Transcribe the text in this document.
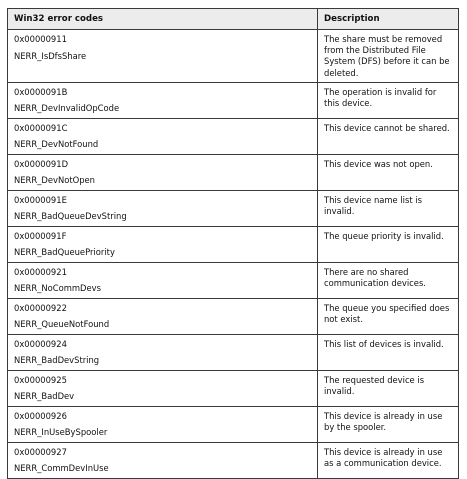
Win32 error codes	Description

0x00000911
NERR_IsDfsShare	The share must be removed from the Distributed File System (DFS) before it can be deleted.

0x0000091B
NERR_DevInvalidOpCode	The operation is invalid for this device.

0x0000091C
NERR_DevNotFound	This device cannot be shared.

0x0000091D
NERR_DevNotOpen	This device was not open.

0x0000091E
NERR_BadQueueDevString	This device name list is invalid.

0x0000091F
NERR_BadQueuePriority	The queue priority is invalid.

0x00000921
NERR_NoCommDevs	There are no shared communication devices.

0x00000922
NERR_QueueNotFound	The queue you specified does not exist.

0x00000924
NERR_BadDevString	This list of devices is invalid.

0x00000925
NERR_BadDev	The requested device is invalid.

0x00000926
NERR_InUseBySpooler	This device is already in use by the spooler.

0x00000927
NERR_CommDevInUse	This device is already in use as a communication device.
